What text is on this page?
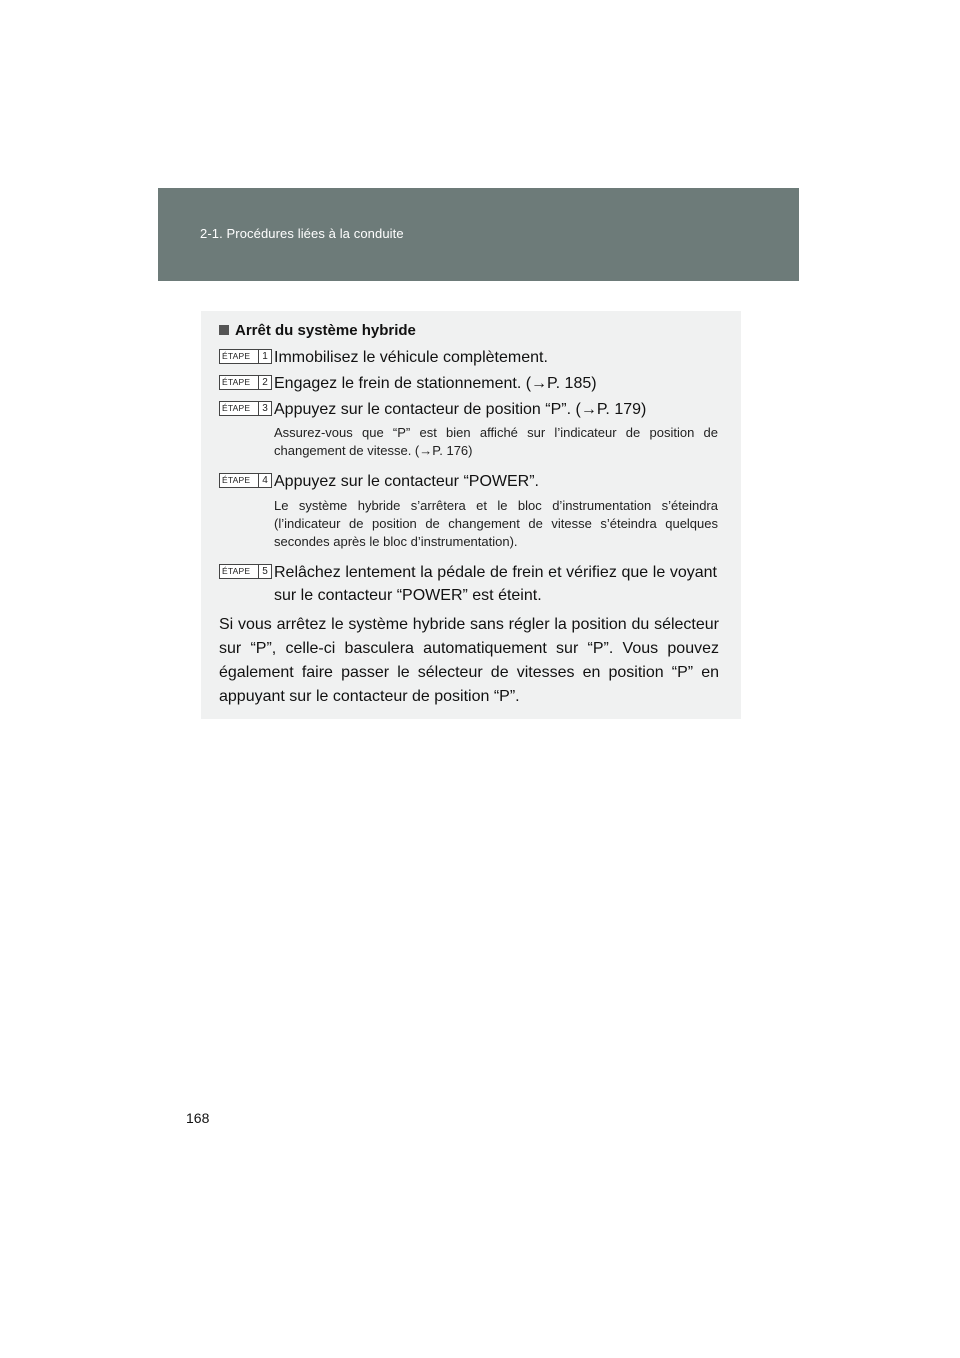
2-1. Procédures liées à la conduite
Arrêt du système hybride
ÉTAPE	1 Immobilisez le véhicule complètement.
ÉTAPE	2 Engagez le frein de stationnement. (→P. 185)
ÉTAPE	3 Appuyez sur le contacteur de position “P”. (→P. 179)
Assurez-vous que “P” est bien affiché sur l’indicateur de position de changement de vitesse. (→P. 176)
ÉTAPE	4 Appuyez sur le contacteur “POWER”.
Le système hybride s’arrêtera et le bloc d’instrumentation s’éteindra (l’indicateur de position de changement de vitesse s’éteindra quelques secondes après le bloc d’instrumentation).
ÉTAPE	5 Relâchez lentement la pédale de frein et vérifiez que le voyant sur le contacteur “POWER” est éteint.
Si vous arrêtez le système hybride sans régler la position du sélecteur sur “P”, celle-ci basculera automatiquement sur “P”. Vous pouvez également faire passer le sélecteur de vitesses en position “P” en appuyant sur le contacteur de position “P”.
168
